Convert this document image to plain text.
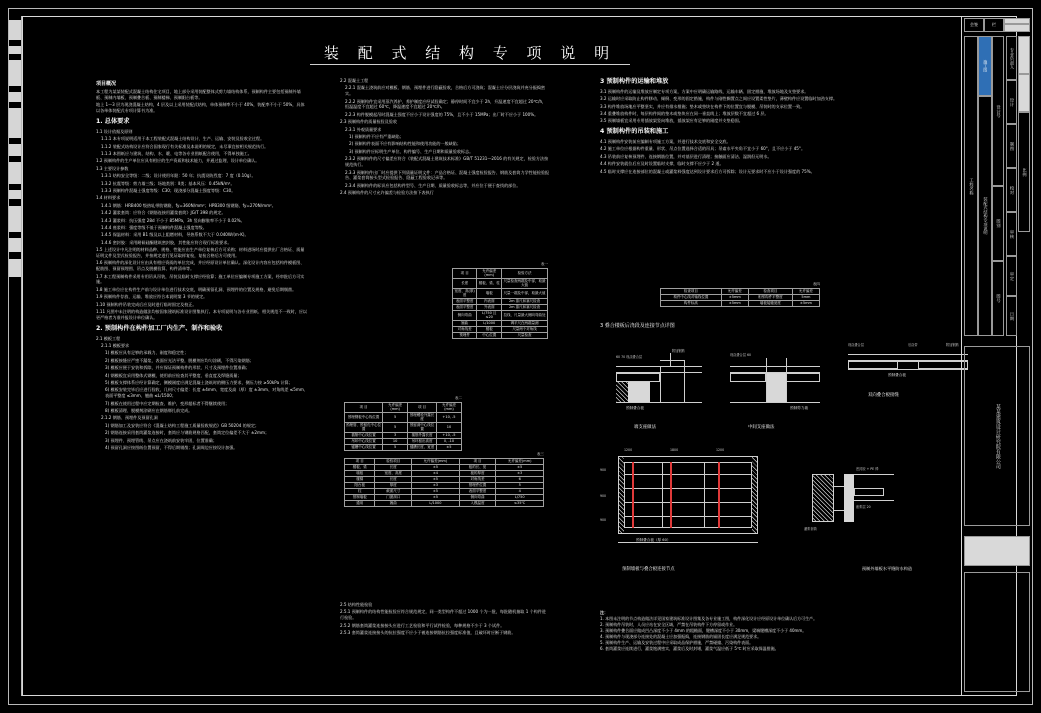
装 配 式 结 构 专 项 说 明
项目概况

本工程为某某装配式混凝土结构住宅项目，地上部分采用装配整体式剪力墙结构体系，预制构件主要包括预制外墙板、预制内墙板、预制叠合板、预制楼梯、预制阳台板等。

地上 1～3 层为现浇混凝土结构，4 层及以上采用装配式结构，单体预制率不小于 40%，装配率不小于 50%，具体以各单体装配式专项计算书为准。

1. 总体要求

1.1 设计依据及原则

1.1.1 本专项说明适用于本工程装配式混凝土结构设计、生产、运输、安装及验收全过程。

1.1.2 装配式结构设计应符合国家现行有关标准及本说明的规定，未尽事宜按相关规范执行。

1.1.3 本图纸应与建筑、结构、水、暖、电等各专业图纸配合使用，不得单独施工。

1.2 预制构件的生产单位应具有相应的生产资质和技术能力，并通过监理、设计单位确认。

1.3 主要设计参数

1.3.1 结构安全等级：二级；设计使用年限：50 年；抗震设防烈度：7 度（0.10g）。

1.3.2 抗震等级：剪力墙三级；场地类别：Ⅱ类；基本风压：0.45kN/m²。

1.3.3 预制构件混凝土强度等级：C30；现浇部分混凝土强度等级：C30。

1.4 材料要求

1.4.1 钢筋：HRB400 级热轧带肋钢筋，fy=360N/mm²；HPB300 级钢筋，fy=270N/mm²。

1.4.2 灌浆套筒：应符合《钢筋连接用灌浆套筒》JG/T 398 的规定。

1.4.3 灌浆料：抗压强度 28d 不小于 85MPa，3h 竖向膨胀率不小于 0.02%。

1.4.4 座浆料：强度等级不低于预制构件混凝土强度等级。

1.4.5 保温材料：采用 B1 级及以上阻燃材料，导热系数不大于 0.040W/(m·K)。

1.4.6 密封胶：采用耐候硅酮建筑密封胶，其性能应符合现行标准要求。

1.5 上述设计中凡注明的材料品种、规格、性能应由生产单位复核后方可采购；材料进场时应提供出厂合格证、质量证明文件及型式检验报告，并按规定进行见证取样复检，复检合格后方可使用。

1.6 预制构件的深化设计应由具有相应资质的单位完成，并应经原设计单位确认。深化设计内容应包括构件模板图、配筋图、预留预埋图、吊点及脱模验算、构件清单等。

1.7 本工程预制构件采用专用吊具吊装，吊装及临时支撑应经验算；施工单位应编制专项施工方案，经审批后方可实施。

1.8 施工单位应在构件生产前与设计单位进行技术交底，明确预留孔洞、预埋件的位置及规格，避免后期剔凿。

1.9 预制构件存放、运输、堆放应符合本说明第 3 节的规定。

1.10 预制构件吊装完成后应及时进行临时固定及校正。

1.11 凡图中未注明的构造做法均按国家建筑标准设计图集执行。本专项说明与各专业图纸、相关规范不一致时，应以更严格者为准并报设计单位确认。

2. 预制构件在构件加工厂内生产、制作和验收

2.1 模板工程

2.1.1 模板要求

1) 模板应具有足够的承载力、刚度和稳定性；

2) 模板接缝应严密不漏浆，表面应光洁平整，脱模剂应均匀涂刷，不得污染钢筋；

3) 模板应便于安装和拆除，并应保证预制构件的形状、尺寸及预埋件位置准确；

4) 钢模板宜采用整体式钢模，使用前应检查其平整度、垂直度及焊缝质量；

5) 模板支撑体系应经计算确定，侧模刚度应满足混凝土浇筑时的侧压力要求，侧压力按 ≥50kPa 计算；

6) 模板安装完毕后应进行验收，几何尺寸偏差：长度 ±4mm、宽度及高（厚）度 ±3mm、对角线差 ≤5mm、表面平整度 ≤3mm、翘曲 ≤L/1500；

7) 模板在使用过程中应定期检查、维护，变形超标者不得继续使用；

8) 模板清理、脱模剂涂刷应在钢筋绑扎前完成。

2.1.2 钢筋、预埋件及预留孔洞

1) 钢筋加工及安装应符合《混凝土结构工程施工质量验收规范》GB 50204 的规定；

2) 钢筋连接采用套筒灌浆连接时，套筒应与钢筋规格匹配，套筒定位偏差不大于 ±2mm；

3) 预埋件、预埋管线、吊点应在浇筑前安装牢固，位置准确；

4) 预留孔洞应按图纸位置预留，不得后期剔凿；孔洞周边应按设计加强。

2.2 混凝土工程

2.2.1 混凝土浇筑前应对模板、钢筋、预埋件进行隐蔽验收，合格后方可浇筑；混凝土应分层浇筑并充分振捣密实。

2.2.2 预制构件宜采用蒸汽养护，养护制度应经试验确定；静停时间不宜少于 2h，升温速度不宜超过 20℃/h，恒温温度不宜超过 60℃，降温速度不宜超过 20℃/h。

2.2.3 构件脱模起吊时混凝土强度不应小于设计强度的 75%，且不小于 15MPa；出厂时不应小于 100%。

2.3 预制构件的质量检验及验收

2.3.1 外观质量要求

1) 预制构件不应有严重缺陷；

2) 预制构件表面不应有影响结构性能和使用功能的一般缺陷；

3) 预制构件应标明生产单位、构件编号、生产日期和质量验收标志。

2.3.2 预制构件的尺寸偏差应符合《装配式混凝土建筑技术标准》GB/T 51231—2016 的有关规定，检验方法按规范执行。

2.3.3 预制构件出厂时应提供下列质量证明文件：产品合格证、混凝土强度检验报告、钢筋及套筒力学性能检验报告、灌浆套筒接头型式检验报告、隐蔽工程验收记录等。

2.3.4 预制构件的标识应包括构件型号、生产日期、质量验收标志等，并应位于便于查找的部位。

2.4 预制构件的尺寸允许偏差与检验方法按下表执行

表一
项 目	允许偏差(mm)	检验方法
长度	楼板、梁、柱	尺量检查两端及中部，取最大值
宽度、高(厚)度	墙板	尺量一端及中部，取最大值
表面平整度	内表面	2m 靠尺和塞尺检查
表面平整度	外表面	2m 靠尺和塞尺检查
侧向弯曲	L/750 且 ≤20	拉线、尺量最大侧向弯曲处
翘曲	L/1000	调平尺在两端量测
对角线差	楼板	尺量两个对角线
预埋件	中心位置	尺量检查
表二
项 目	允许偏差(mm)	项 目	允许偏差(mm)
预埋钢板中心线位置	5	预埋螺栓外露长度	+10, -5
预埋管、预留孔中心位置	5	预留洞中心线位置	10
插筋中心线位置	3	插筋外露长度	+10, -5
吊环中心线位置	10	吊环留出高度	0, -10
键槽中心线位置	5	键槽长度、宽度	±5
表三
项 目	检验项目	允许偏差(mm)	项 目	允许偏差(mm)
楼板、梁	长度	±5	板的长、宽	±5
墙板	宽度、高度	±4	板的厚度	±3
楼梯	长度	±5	对角线差	6
阳台板	厚度	±3	预埋件位置	5
柱	截面尺寸	±5	表面平整度	4
预制墙板	门窗洞口	±5	侧向弯曲	L/750
通用	翘曲	L/1000	入模温度	≤35℃

2.5 结构性能检验

2.5.1 预制构件的结构性能检验应符合规范规定，同一类型构件不超过 1000 个为一批，每批随机抽取 1 个构件进行检验。

2.5.2 钢筋套筒灌浆连接接头应进行工艺检验和平行试件检验，每种规格不少于 3 个试件。

2.5.3 套筒灌浆连接接头的抗拉强度不应小于被连接钢筋抗拉强度标准值，且破坏时应断于钢筋。

3 预制构件的运输和堆放

3.1 预制构件的运输及堆放应制定专项方案，方案中应明确运输路线、运输车辆、固定措施、堆放场地及支垫要求。

3.2 运输时应采取防止构件移动、倾倒、变形的固定措施，构件与刚性搁置点之间应设置柔性垫片，薄壁构件应设置临时加劲支撑。

3.3 构件堆放场地应平整坚实，并应有排水措施；垫木或垫块在构件下的位置宜与脱模、吊装时的支承位置一致。

3.4 重叠堆放构件时，每层构件间的垫木或垫块应在同一垂直线上；堆放层数不宜超过 6 层。

3.5 预制墙板宜采用专用插放架竖向堆放，插放架应有足够的刚度并支垫稳固。

4 预制构件的吊装和施工

4.1 预制构件安装前应编制专项施工方案，并进行技术交底和安全交底。

4.2 施工单位应根据构件重量、形状、吊点位置选择合适的吊具；吊索水平夹角不宜小于 60°，且不应小于 45°。

4.3 吊装前应复核预埋件、连接钢筋位置，并对基层进行清理；接触面应清洁、湿润但无明水。

4.4 构件安装就位后应及时设置临时支撑，临时支撑不应少于 2 道。

4.5 临时支撑应在连接部位的混凝土或灌浆料强度达到设计要求后方可拆除；设计无要求时不应小于设计强度的 75%。

表四
检查项目	允许偏差	检查项目	允许偏差
构件中心线对轴线位置	±5mm	相邻构件平整度	5mm
构件标高	±5mm	墙板接缝宽度	±5mm
3 叠合楼板后浇段及连接节点详图
60 70 现浇叠合层
附加钢筋
预制叠合板
端支座做法
现浇叠合层 60
预制剪力墙
中间支座做法
现浇叠合层	后浇带	附加钢筋
预制叠合板
双向叠合板接缝
1200	1800	1200
900
900
900
预制叠合板（厚 60）
预制墙板与叠合板连接节点
密封胶 + PE 棒
座浆层 20
灌浆套筒
预制外墙板水平缝防水构造
注：
1. 本图未注明的节点构造做法详见国家建筑标准设计图集及各专业施工图，构件深化设计应经原设计单位确认后方可生产。
2. 预制构件吊装时，人员应站在安全区域，严禁在吊装构件下方停留或作业。
3. 预制构件叠合面应做成凹凸深度不小于 4mm 的粗糙面，键槽深度不小于 30mm，梁端键槽深度不小于 40mm。
4. 预制构件与现浇部分连接处的混凝土应加强振捣，连接钢筋的锚固长度应满足规范要求。
5. 预制构件生产、运输及安装过程中应采取成品保护措施，严禁碰撞、污染构件表面。
6. 套筒灌浆应连续进行，灌浆饱满密实，灌浆后及时封堵，灌浆气温应低于 5℃ 时应采取保温措施。
会签	栏
工程名称
施工图
装配式结构专项说明
设计号
图别
图号
专业负责人
设计
制图
校对
审核
审定
日期
比例
某某建筑设计研究院有限公司
